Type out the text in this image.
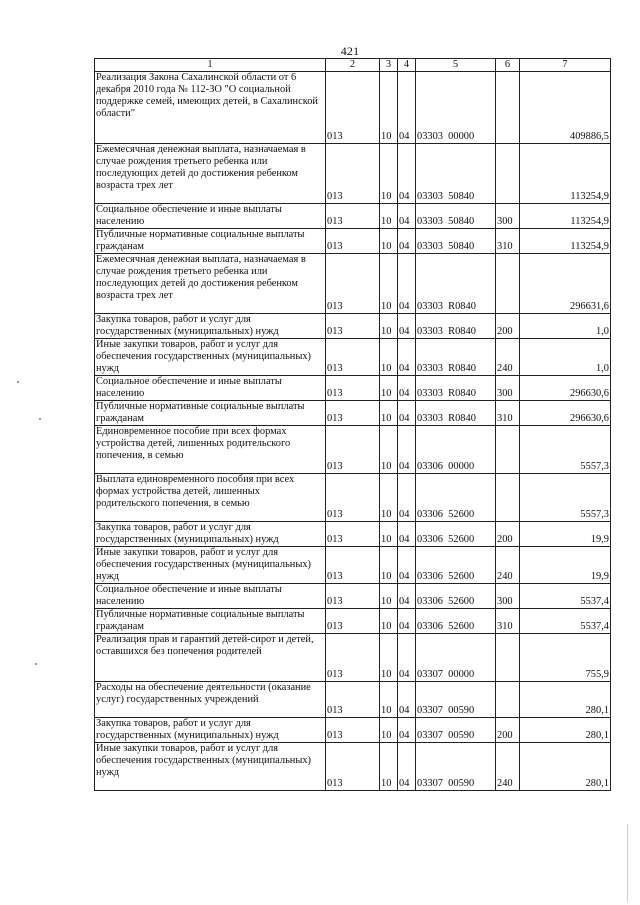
421
1	2	3	4	5	6	7
Реализация Закона Сахалинской области от 6 декабря 2010 года № 112-ЗО "О социальной поддержке семей, имеющих детей, в Сахалинской области"	013	10	04	03303  00000		409886,5
Ежемесячная денежная выплата, назначаемая в случае рождения третьего ребенка или последующих детей до достижения ребенком возраста трех лет	013	10	04	03303  50840		113254,9
Социальное обеспечение и иные выплаты населению	013	10	04	03303  50840	300	113254,9
Публичные нормативные социальные выплаты гражданам	013	10	04	03303  50840	310	113254,9
Ежемесячная денежная выплата, назначаемая в случае рождения третьего ребенка или последующих детей до достижения ребенком возраста трех лет	013	10	04	03303  R0840		296631,6
Закупка товаров, работ и услуг для государственных (муниципальных) нужд	013	10	04	03303  R0840	200	1,0
Иные закупки товаров, работ и услуг для обеспечения государственных (муниципальных) нужд	013	10	04	03303  R0840	240	1,0
Социальное обеспечение и иные выплаты населению	013	10	04	03303  R0840	300	296630,6
Публичные нормативные социальные выплаты гражданам	013	10	04	03303  R0840	310	296630,6
Единовременное пособие при всех формах устройства детей, лишенных родительского попечения, в семью	013	10	04	03306  00000		5557,3
Выплата единовременного пособия при всех формах устройства детей, лишенных родительского попечения, в семью	013	10	04	03306  52600		5557,3
Закупка товаров, работ и услуг для государственных (муниципальных) нужд	013	10	04	03306  52600	200	19,9
Иные закупки товаров, работ и услуг для обеспечения государственных (муниципальных) нужд	013	10	04	03306  52600	240	19,9
Социальное обеспечение и иные выплаты населению	013	10	04	03306  52600	300	5537,4
Публичные нормативные социальные выплаты гражданам	013	10	04	03306  52600	310	5537,4
Реализация прав и гарантий детей-сирот и детей, оставшихся без попечения родителей	013	10	04	03307  00000		755,9
Расходы на обеспечение деятельности (оказание услуг) государственных учреждений	013	10	04	03307  00590		280,1
Закупка товаров, работ и услуг для государственных (муниципальных) нужд	013	10	04	03307  00590	200	280,1
Иные закупки товаров, работ и услуг для обеспечения государственных (муниципальных) нужд	013	10	04	03307  00590	240	280,1
